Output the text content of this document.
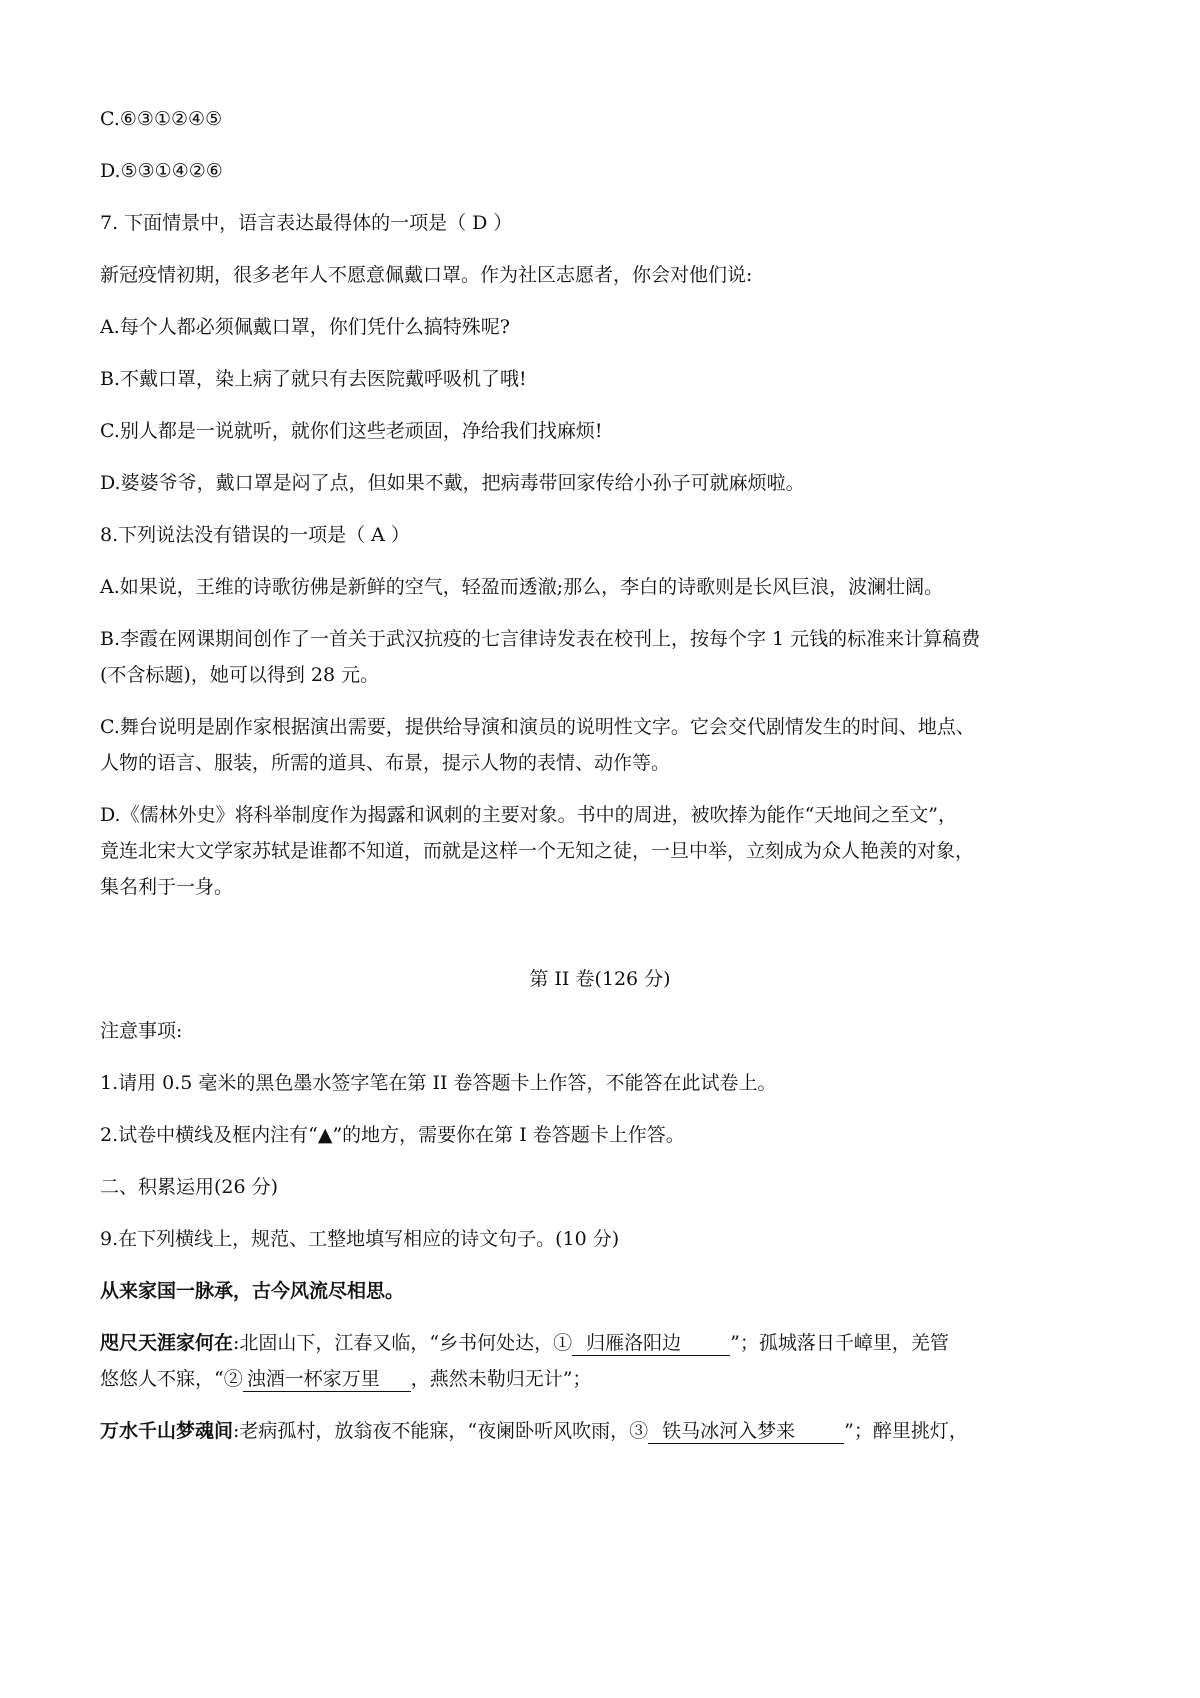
C.⑥③①②④⑤
D.⑤③①④②⑥
7. 下面情景中，语言表达最得体的一项是（ D ）
新冠疫情初期，很多老年人不愿意佩戴口罩。作为社区志愿者，你会对他们说:
A.每个人都必须佩戴口罩，你们凭什么搞特殊呢?
B.不戴口罩，染上病了就只有去医院戴呼吸机了哦!
C.别人都是一说就听，就你们这些老顽固，净给我们找麻烦!
D.婆婆爷爷，戴口罩是闷了点，但如果不戴，把病毒带回家传给小孙子可就麻烦啦。
8.下列说法没有错误的一项是（ A ）
A.如果说，王维的诗歌彷佛是新鲜的空气，轻盈而透澈;那么，李白的诗歌则是长风巨浪，波澜壮阔。
B.李霞在网课期间创作了一首关于武汉抗疫的七言律诗发表在校刊上，按每个字 1 元钱的标准来计算稿费
(不含标题)，她可以得到 28 元。
C.舞台说明是剧作家根据演出需要，提供给导演和演员的说明性文字。它会交代剧情发生的时间、地点、
人物的语言、服装，所需的道具、布景，提示人物的表情、动作等。
D.《儒林外史》将科举制度作为揭露和讽刺的主要对象。书中的周进，被吹捧为能作“天地间之至文”，
竟连北宋大文学家苏轼是谁都不知道，而就是这样一个无知之徒，一旦中举，立刻成为众人艳羡的对象，
集名利于一身。
第 II 卷(126 分)
注意事项:
1.请用 0.5 毫米的黑色墨水签字笔在第 II 卷答题卡上作答，不能答在此试卷上。
2.试卷中横线及框内注有“▲”的地方，需要你在第 I 卷答题卡上作答。
二、积累运用(26 分)
9.在下列横线上，规范、工整地填写相应的诗文句子。(10 分)
从来家国一脉承，古今风流尽相思。
咫尺天涯家何在:北固山下，江春又临，“乡书何处达，① 归雁洛阳边	”；孤城落日千嶂里，羌管
悠悠人不寐，“② 浊酒一杯家万里 ，燕然未勒归无计”；
万水千山梦魂间:老病孤村，放翁夜不能寐，“夜阑卧听风吹雨，③ 铁马冰河入梦来	”；醉里挑灯，
